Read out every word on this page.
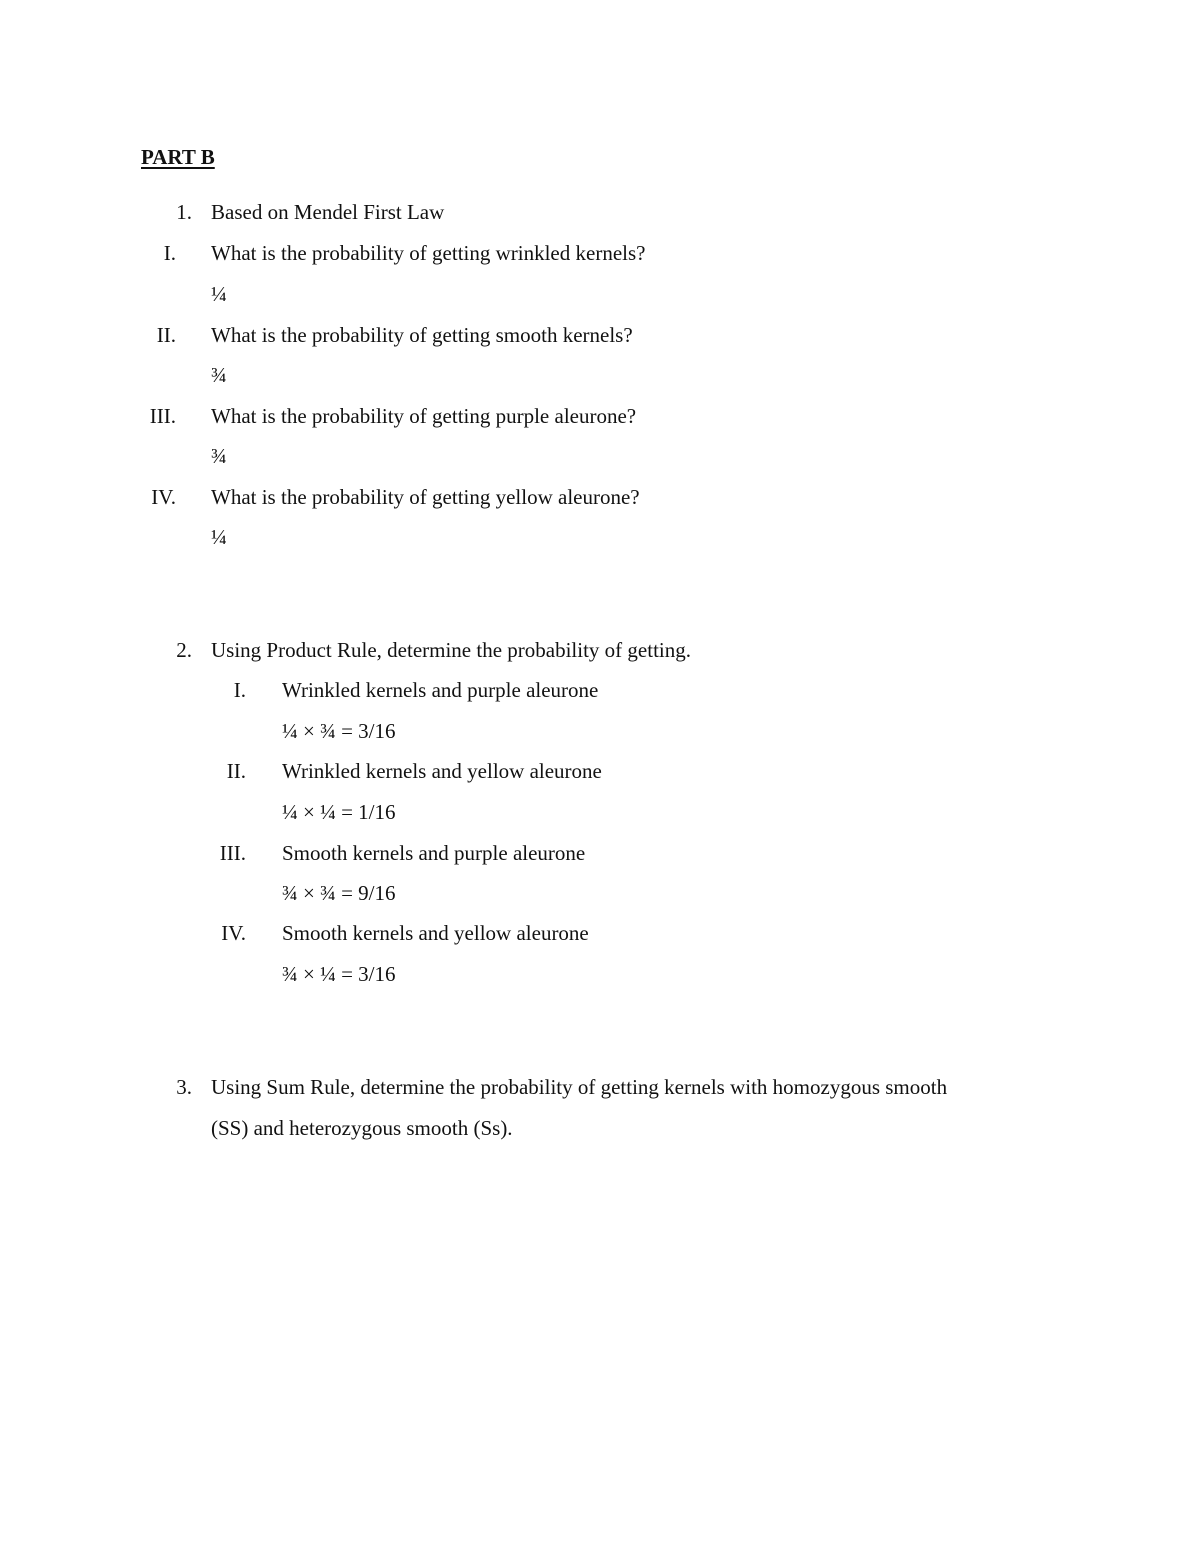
PART B
1. Based on Mendel First Law
I. What is the probability of getting wrinkled kernels?
¼
II. What is the probability of getting smooth kernels?
¾
III. What is the probability of getting purple aleurone?
¾
IV. What is the probability of getting yellow aleurone?
¼
2. Using Product Rule, determine the probability of getting.
I. Wrinkled kernels and purple aleurone
¼ × ¾ = 3/16
II. Wrinkled kernels and yellow aleurone
¼ × ¼ = 1/16
III. Smooth kernels and purple aleurone
¾ × ¾ = 9/16
IV. Smooth kernels and yellow aleurone
¾ × ¼ = 3/16
3. Using Sum Rule, determine the probability of getting kernels with homozygous smooth
(SS) and heterozygous smooth (Ss).
